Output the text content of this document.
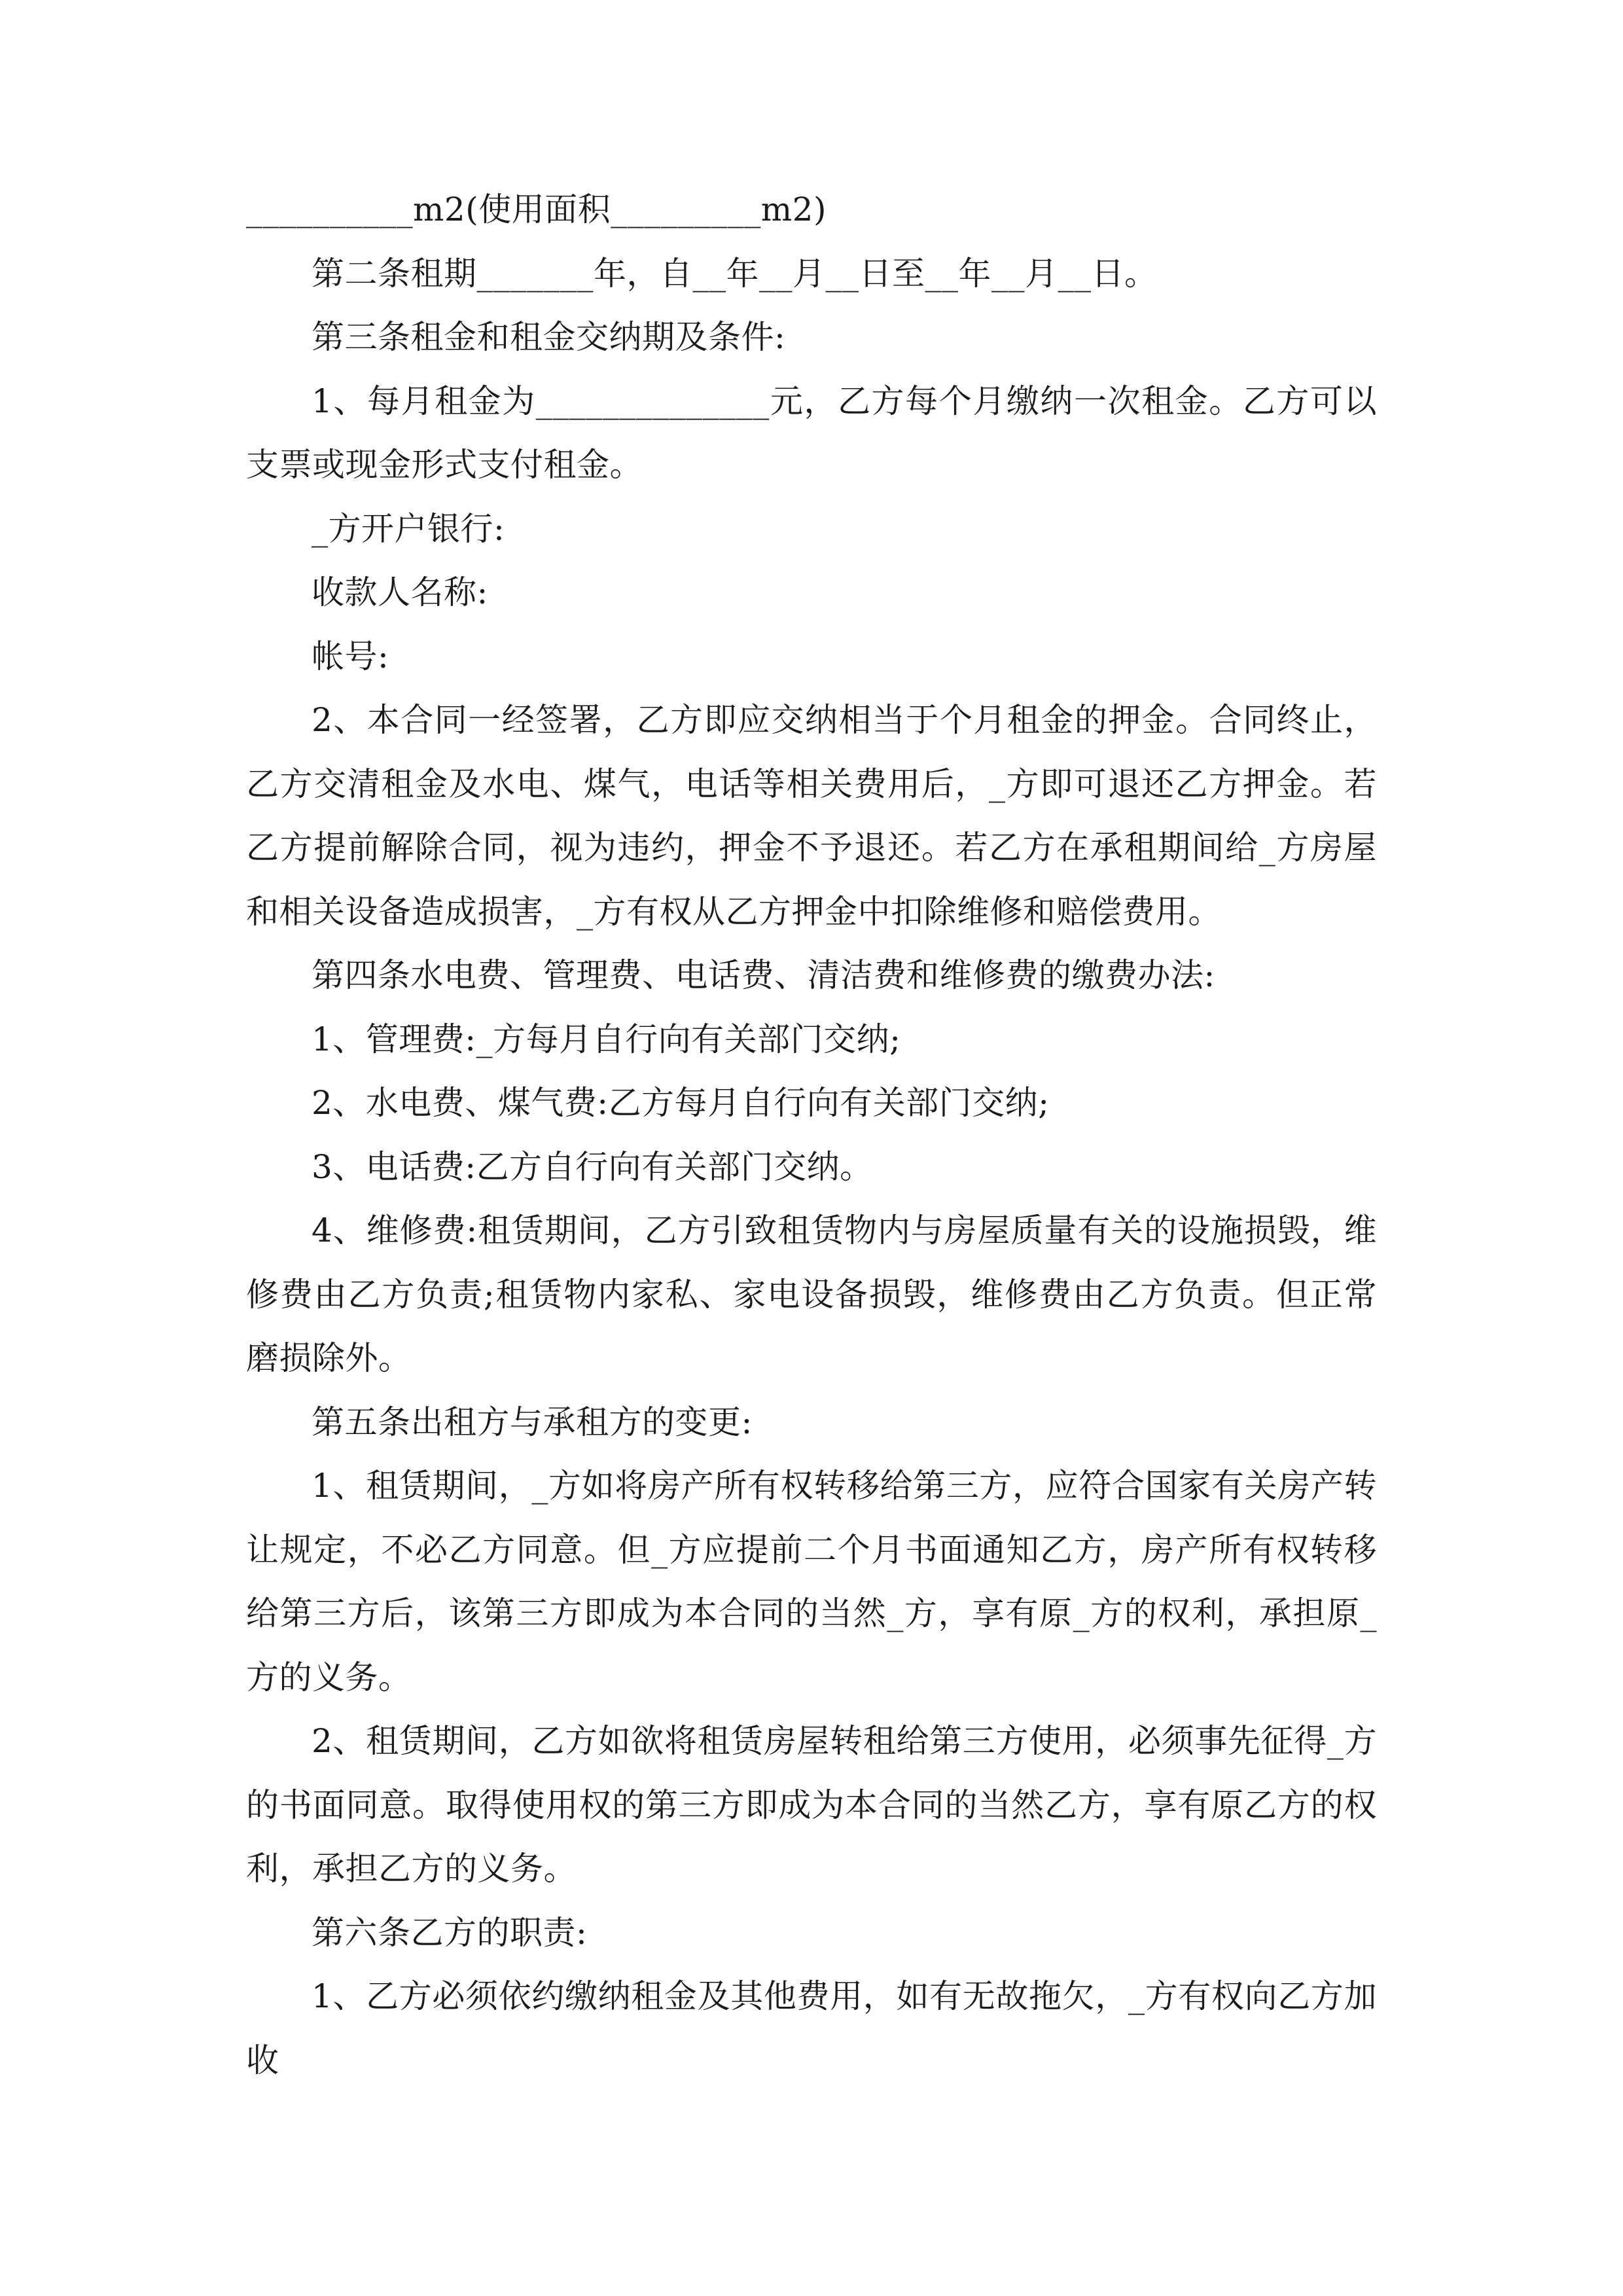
__________m2(使用面积_________m2)

第二条租期_______年，自__年__月__日至__年__月__日。

第三条租金和租金交纳期及条件:

1、每月租金为______________元，乙方每个月缴纳一次租金。乙方可以支票或现金形式支付租金。

_方开户银行:

收款人名称:

帐号:

2、本合同一经签署，乙方即应交纳相当于个月租金的押金。合同终止，乙方交清租金及水电、煤气，电话等相关费用后，_方即可退还乙方押金。若乙方提前解除合同，视为违约，押金不予退还。若乙方在承租期间给_方房屋和相关设备造成损害，_方有权从乙方押金中扣除维修和赔偿费用。

第四条水电费、管理费、电话费、清洁费和维修费的缴费办法:

1、管理费:_方每月自行向有关部门交纳;

2、水电费、煤气费:乙方每月自行向有关部门交纳;

3、电话费:乙方自行向有关部门交纳。

4、维修费:租赁期间，乙方引致租赁物内与房屋质量有关的设施损毁，维修费由乙方负责;租赁物内家私、家电设备损毁，维修费由乙方负责。但正常磨损除外。

第五条出租方与承租方的变更:

1、租赁期间，_方如将房产所有权转移给第三方，应符合国家有关房产转让规定，不必乙方同意。但_方应提前二个月书面通知乙方，房产所有权转移给第三方后，该第三方即成为本合同的当然_方，享有原_方的权利，承担原_方的义务。

2、租赁期间，乙方如欲将租赁房屋转租给第三方使用，必须事先征得_方的书面同意。取得使用权的第三方即成为本合同的当然乙方，享有原乙方的权利，承担乙方的义务。

第六条乙方的职责:

1、乙方必须依约缴纳租金及其他费用，如有无故拖欠，_方有权向乙方加收
